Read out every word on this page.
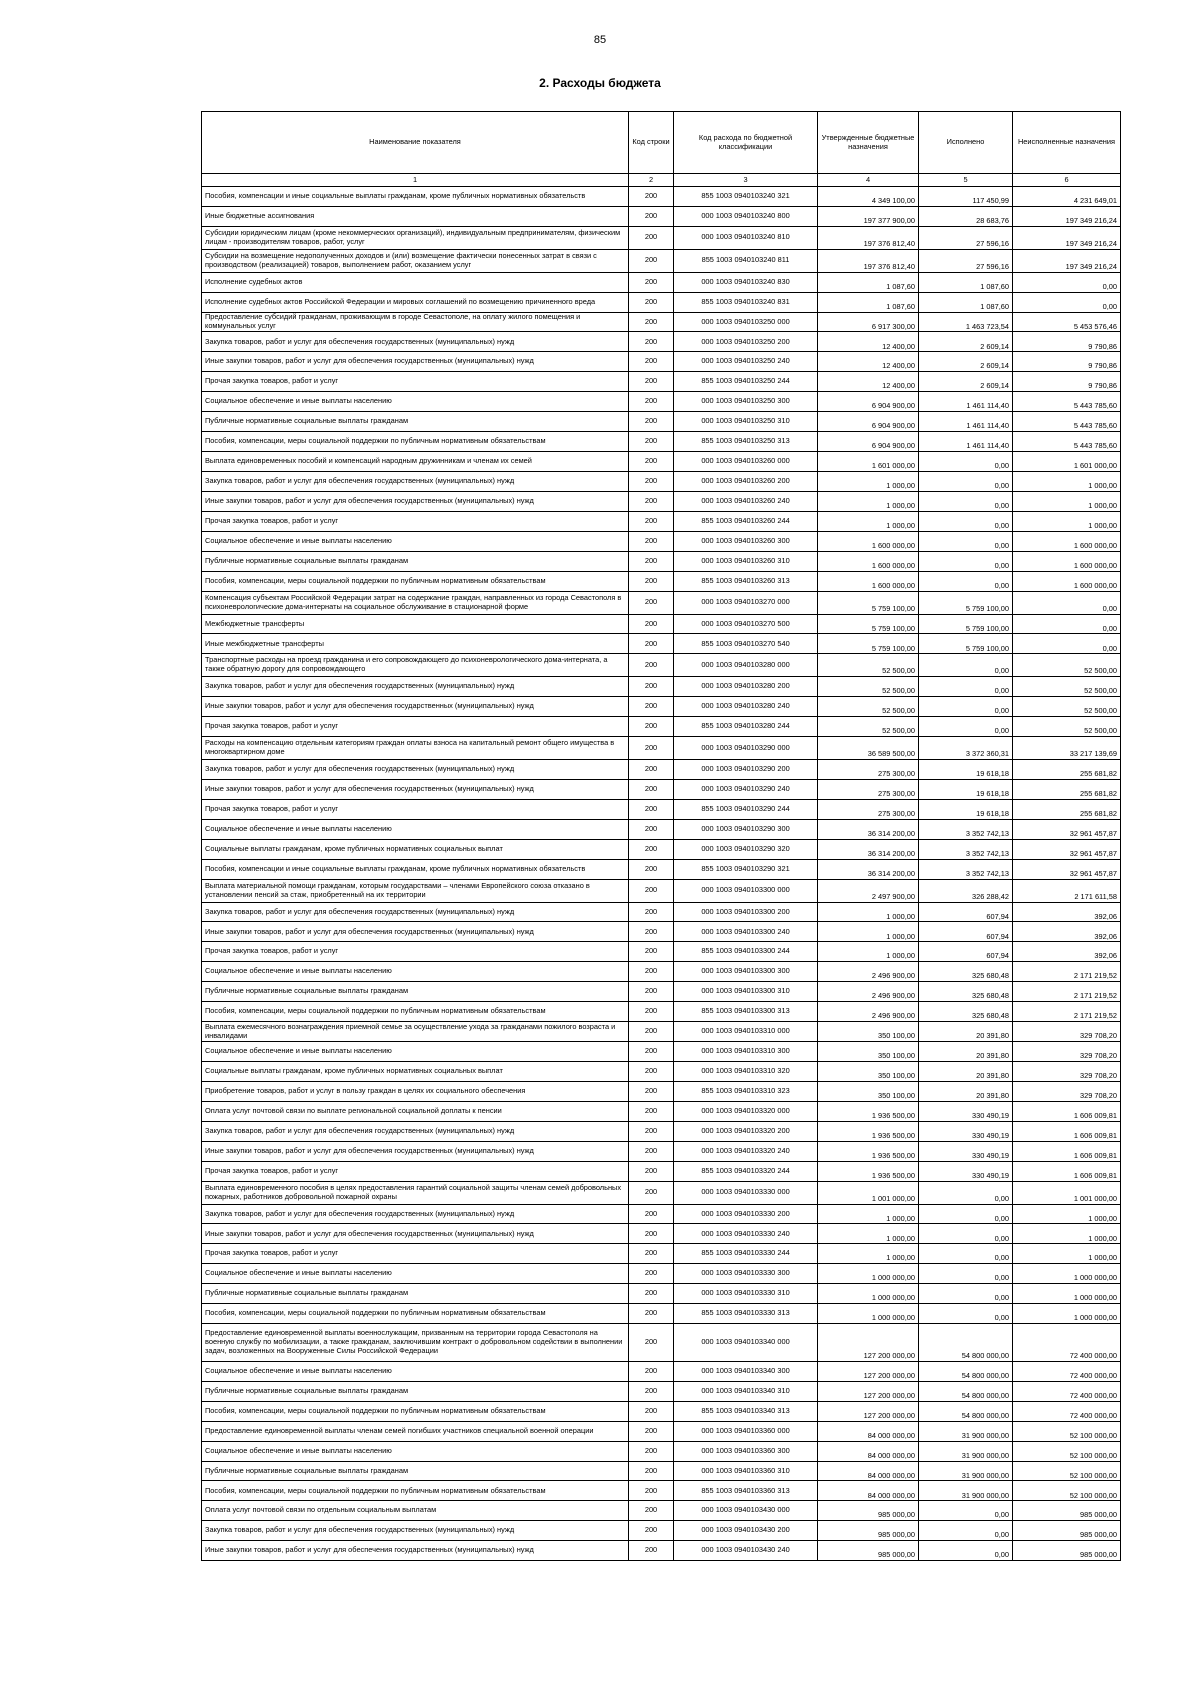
85
2. Расходы бюджета
Наименование показателя	Код строки	Код расхода по бюджетной классификации	Утвержденные бюджетные назначения	Исполнено	Неисполненные назначения
1	2	3	4	5	6
Пособия, компенсации и иные социальные выплаты гражданам, кроме публичных нормативных обязательств	200	855 1003 0940103240 321	4 349 100,00	117 450,99	4 231 649,01
Иные бюджетные ассигнования	200	000 1003 0940103240 800	197 377 900,00	28 683,76	197 349 216,24
Субсидии юридическим лицам (кроме некоммерческих организаций), индивидуальным предпринимателям, физическим лицам - производителям товаров, работ, услуг	200	000 1003 0940103240 810	197 376 812,40	27 596,16	197 349 216,24
Субсидии на возмещение недополученных доходов и (или) возмещение фактически понесенных затрат в связи с производством (реализацией) товаров, выполнением работ, оказанием услуг	200	855 1003 0940103240 811	197 376 812,40	27 596,16	197 349 216,24
Исполнение судебных актов	200	000 1003 0940103240 830	1 087,60	1 087,60	0,00
Исполнение судебных актов Российской Федерации и мировых соглашений по возмещению причиненного вреда	200	855 1003 0940103240 831	1 087,60	1 087,60	0,00
Предоставление субсидий гражданам, проживающим в городе Севастополе, на оплату жилого помещения и коммунальных услуг	200	000 1003 0940103250 000	6 917 300,00	1 463 723,54	5 453 576,46
Закупка товаров, работ и услуг для обеспечения государственных (муниципальных) нужд	200	000 1003 0940103250 200	12 400,00	2 609,14	9 790,86
Иные закупки товаров, работ и услуг для обеспечения государственных (муниципальных) нужд	200	000 1003 0940103250 240	12 400,00	2 609,14	9 790,86
Прочая закупка товаров, работ и услуг	200	855 1003 0940103250 244	12 400,00	2 609,14	9 790,86
Социальное обеспечение и иные выплаты населению	200	000 1003 0940103250 300	6 904 900,00	1 461 114,40	5 443 785,60
Публичные нормативные социальные выплаты гражданам	200	000 1003 0940103250 310	6 904 900,00	1 461 114,40	5 443 785,60
Пособия, компенсации, меры социальной поддержки по публичным нормативным обязательствам	200	855 1003 0940103250 313	6 904 900,00	1 461 114,40	5 443 785,60
Выплата единовременных пособий и компенсаций народным дружинникам и членам их семей	200	000 1003 0940103260 000	1 601 000,00	0,00	1 601 000,00
Закупка товаров, работ и услуг для обеспечения государственных (муниципальных) нужд	200	000 1003 0940103260 200	1 000,00	0,00	1 000,00
Иные закупки товаров, работ и услуг для обеспечения государственных (муниципальных) нужд	200	000 1003 0940103260 240	1 000,00	0,00	1 000,00
Прочая закупка товаров, работ и услуг	200	855 1003 0940103260 244	1 000,00	0,00	1 000,00
Социальное обеспечение и иные выплаты населению	200	000 1003 0940103260 300	1 600 000,00	0,00	1 600 000,00
Публичные нормативные социальные выплаты гражданам	200	000 1003 0940103260 310	1 600 000,00	0,00	1 600 000,00
Пособия, компенсации, меры социальной поддержки по публичным нормативным обязательствам	200	855 1003 0940103260 313	1 600 000,00	0,00	1 600 000,00
Компенсация субъектам Российской Федерации затрат на содержание граждан, направленных из города Севастополя в психоневрологические дома-интернаты на социальное обслуживание в стационарной форме	200	000 1003 0940103270 000	5 759 100,00	5 759 100,00	0,00
Межбюджетные трансферты	200	000 1003 0940103270 500	5 759 100,00	5 759 100,00	0,00
Иные межбюджетные трансферты	200	855 1003 0940103270 540	5 759 100,00	5 759 100,00	0,00
Транспортные расходы на проезд гражданина и его сопровождающего до психоневрологического дома-интерната, а также обратную дорогу для сопровождающего	200	000 1003 0940103280 000	52 500,00	0,00	52 500,00
Закупка товаров, работ и услуг для обеспечения государственных (муниципальных) нужд	200	000 1003 0940103280 200	52 500,00	0,00	52 500,00
Иные закупки товаров, работ и услуг для обеспечения государственных (муниципальных) нужд	200	000 1003 0940103280 240	52 500,00	0,00	52 500,00
Прочая закупка товаров, работ и услуг	200	855 1003 0940103280 244	52 500,00	0,00	52 500,00
Расходы на компенсацию отдельным категориям граждан оплаты взноса на капитальный ремонт общего имущества в многоквартирном доме	200	000 1003 0940103290 000	36 589 500,00	3 372 360,31	33 217 139,69
Закупка товаров, работ и услуг для обеспечения государственных (муниципальных) нужд	200	000 1003 0940103290 200	275 300,00	19 618,18	255 681,82
Иные закупки товаров, работ и услуг для обеспечения государственных (муниципальных) нужд	200	000 1003 0940103290 240	275 300,00	19 618,18	255 681,82
Прочая закупка товаров, работ и услуг	200	855 1003 0940103290 244	275 300,00	19 618,18	255 681,82
Социальное обеспечение и иные выплаты населению	200	000 1003 0940103290 300	36 314 200,00	3 352 742,13	32 961 457,87
Социальные выплаты гражданам, кроме публичных нормативных социальных выплат	200	000 1003 0940103290 320	36 314 200,00	3 352 742,13	32 961 457,87
Пособия, компенсации и иные социальные выплаты гражданам, кроме публичных нормативных обязательств	200	855 1003 0940103290 321	36 314 200,00	3 352 742,13	32 961 457,87
Выплата материальной помощи гражданам, которым государствами – членами Европейского союза отказано в установлении пенсий за стаж, приобретенный на их территории	200	000 1003 0940103300 000	2 497 900,00	326 288,42	2 171 611,58
Закупка товаров, работ и услуг для обеспечения государственных (муниципальных) нужд	200	000 1003 0940103300 200	1 000,00	607,94	392,06
Иные закупки товаров, работ и услуг для обеспечения государственных (муниципальных) нужд	200	000 1003 0940103300 240	1 000,00	607,94	392,06
Прочая закупка товаров, работ и услуг	200	855 1003 0940103300 244	1 000,00	607,94	392,06
Социальное обеспечение и иные выплаты населению	200	000 1003 0940103300 300	2 496 900,00	325 680,48	2 171 219,52
Публичные нормативные социальные выплаты гражданам	200	000 1003 0940103300 310	2 496 900,00	325 680,48	2 171 219,52
Пособия, компенсации, меры социальной поддержки по публичным нормативным обязательствам	200	855 1003 0940103300 313	2 496 900,00	325 680,48	2 171 219,52
Выплата ежемесячного вознаграждения приемной семье за осуществление ухода за гражданами пожилого возраста и инвалидами	200	000 1003 0940103310 000	350 100,00	20 391,80	329 708,20
Социальное обеспечение и иные выплаты населению	200	000 1003 0940103310 300	350 100,00	20 391,80	329 708,20
Социальные выплаты гражданам, кроме публичных нормативных социальных выплат	200	000 1003 0940103310 320	350 100,00	20 391,80	329 708,20
Приобретение товаров, работ и услуг в пользу граждан в целях их социального обеспечения	200	855 1003 0940103310 323	350 100,00	20 391,80	329 708,20
Оплата услуг почтовой связи по выплате региональной социальной доплаты к пенсии	200	000 1003 0940103320 000	1 936 500,00	330 490,19	1 606 009,81
Закупка товаров, работ и услуг для обеспечения государственных (муниципальных) нужд	200	000 1003 0940103320 200	1 936 500,00	330 490,19	1 606 009,81
Иные закупки товаров, работ и услуг для обеспечения государственных (муниципальных) нужд	200	000 1003 0940103320 240	1 936 500,00	330 490,19	1 606 009,81
Прочая закупка товаров, работ и услуг	200	855 1003 0940103320 244	1 936 500,00	330 490,19	1 606 009,81
Выплата единовременного пособия в целях предоставления гарантий социальной защиты членам семей добровольных пожарных, работников добровольной пожарной охраны	200	000 1003 0940103330 000	1 001 000,00	0,00	1 001 000,00
Закупка товаров, работ и услуг для обеспечения государственных (муниципальных) нужд	200	000 1003 0940103330 200	1 000,00	0,00	1 000,00
Иные закупки товаров, работ и услуг для обеспечения государственных (муниципальных) нужд	200	000 1003 0940103330 240	1 000,00	0,00	1 000,00
Прочая закупка товаров, работ и услуг	200	855 1003 0940103330 244	1 000,00	0,00	1 000,00
Социальное обеспечение и иные выплаты населению	200	000 1003 0940103330 300	1 000 000,00	0,00	1 000 000,00
Публичные нормативные социальные выплаты гражданам	200	000 1003 0940103330 310	1 000 000,00	0,00	1 000 000,00
Пособия, компенсации, меры социальной поддержки по публичным нормативным обязательствам	200	855 1003 0940103330 313	1 000 000,00	0,00	1 000 000,00
Предоставление единовременной выплаты военнослужащим, призванным на территории города Севастополя на военную службу по мобилизации, а также гражданам, заключившим контракт о добровольном содействии в выполнении задач, возложенных на Вооруженные Силы Российской Федерации	200	000 1003 0940103340 000	127 200 000,00	54 800 000,00	72 400 000,00
Социальное обеспечение и иные выплаты населению	200	000 1003 0940103340 300	127 200 000,00	54 800 000,00	72 400 000,00
Публичные нормативные социальные выплаты гражданам	200	000 1003 0940103340 310	127 200 000,00	54 800 000,00	72 400 000,00
Пособия, компенсации, меры социальной поддержки по публичным нормативным обязательствам	200	855 1003 0940103340 313	127 200 000,00	54 800 000,00	72 400 000,00
Предоставление единовременной выплаты членам семей погибших участников специальной военной операции	200	000 1003 0940103360 000	84 000 000,00	31 900 000,00	52 100 000,00
Социальное обеспечение и иные выплаты населению	200	000 1003 0940103360 300	84 000 000,00	31 900 000,00	52 100 000,00
Публичные нормативные социальные выплаты гражданам	200	000 1003 0940103360 310	84 000 000,00	31 900 000,00	52 100 000,00
Пособия, компенсации, меры социальной поддержки по публичным нормативным обязательствам	200	855 1003 0940103360 313	84 000 000,00	31 900 000,00	52 100 000,00
Оплата услуг почтовой связи по отдельным социальным выплатам	200	000 1003 0940103430 000	985 000,00	0,00	985 000,00
Закупка товаров, работ и услуг для обеспечения государственных (муниципальных) нужд	200	000 1003 0940103430 200	985 000,00	0,00	985 000,00
Иные закупки товаров, работ и услуг для обеспечения государственных (муниципальных) нужд	200	000 1003 0940103430 240	985 000,00	0,00	985 000,00
